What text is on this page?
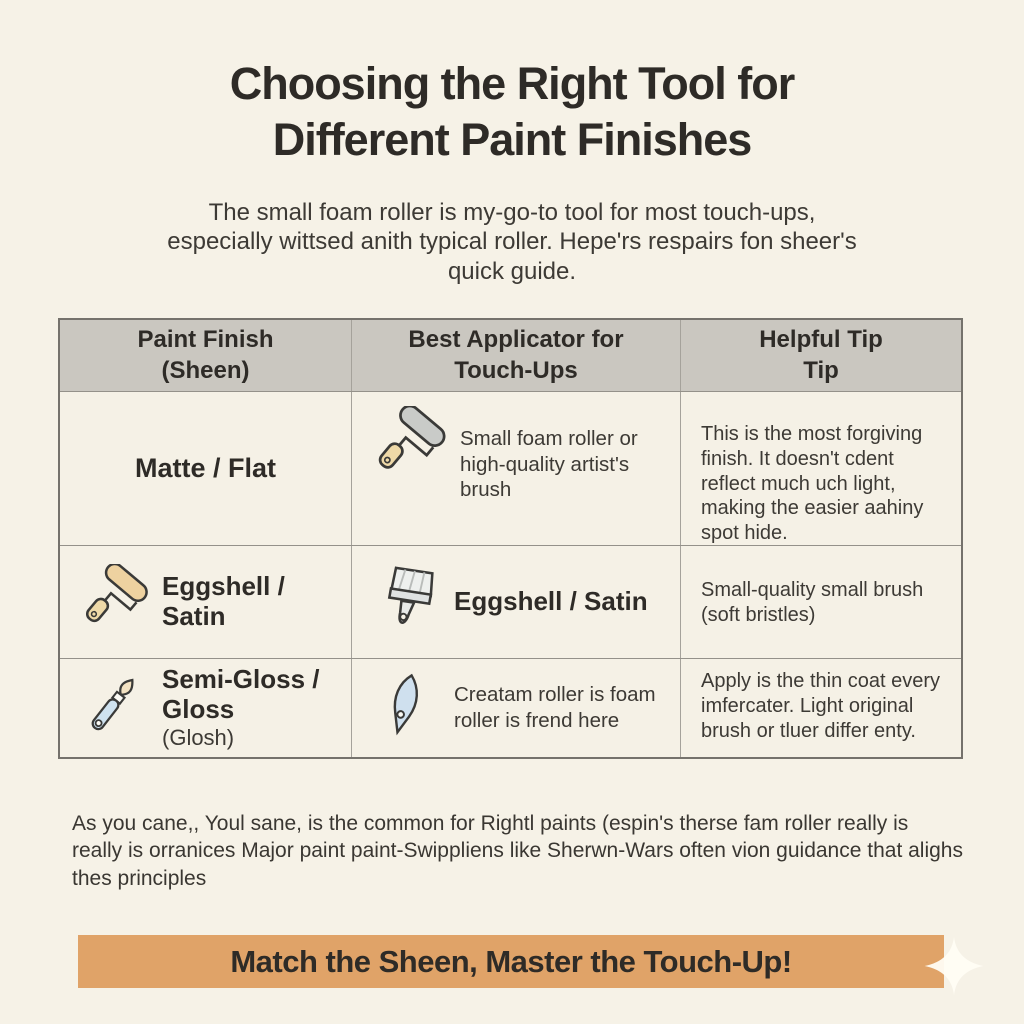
Choosing the Right Tool for
Different Paint Finishes
The small foam roller is my-go-to tool for most touch-ups, especially wittsed anith typical roller. Hepe'rs respairs fon sheer's quick guide.
Paint Finish
(Sheen)
Best Applicator for
Touch-Ups
Helpful Tip
Tip
Matte / Flat
Small foam roller or high-quality artist's brush
This is the most forgiving finish. It doesn't cdent reflect much uch light, making the easier aahiny spot hide.
Eggshell / Satin	Eggshell / Satin	Small-quality small brush (soft bristles)
Semi-Gloss / Gloss
(Glosh)
Creatam roller is foam roller is frend here
Apply is the thin coat every imfercater. Light original brush or tluer differ enty.
As you cane,, Youl sane, is the common for Rightl paints (espin's therse fam roller really is really is orranices Major paint paint-Swippliens like Sherwn-Wars often vion guidance that alighs thes principles
Match the Sheen, Master the Touch-Up!
